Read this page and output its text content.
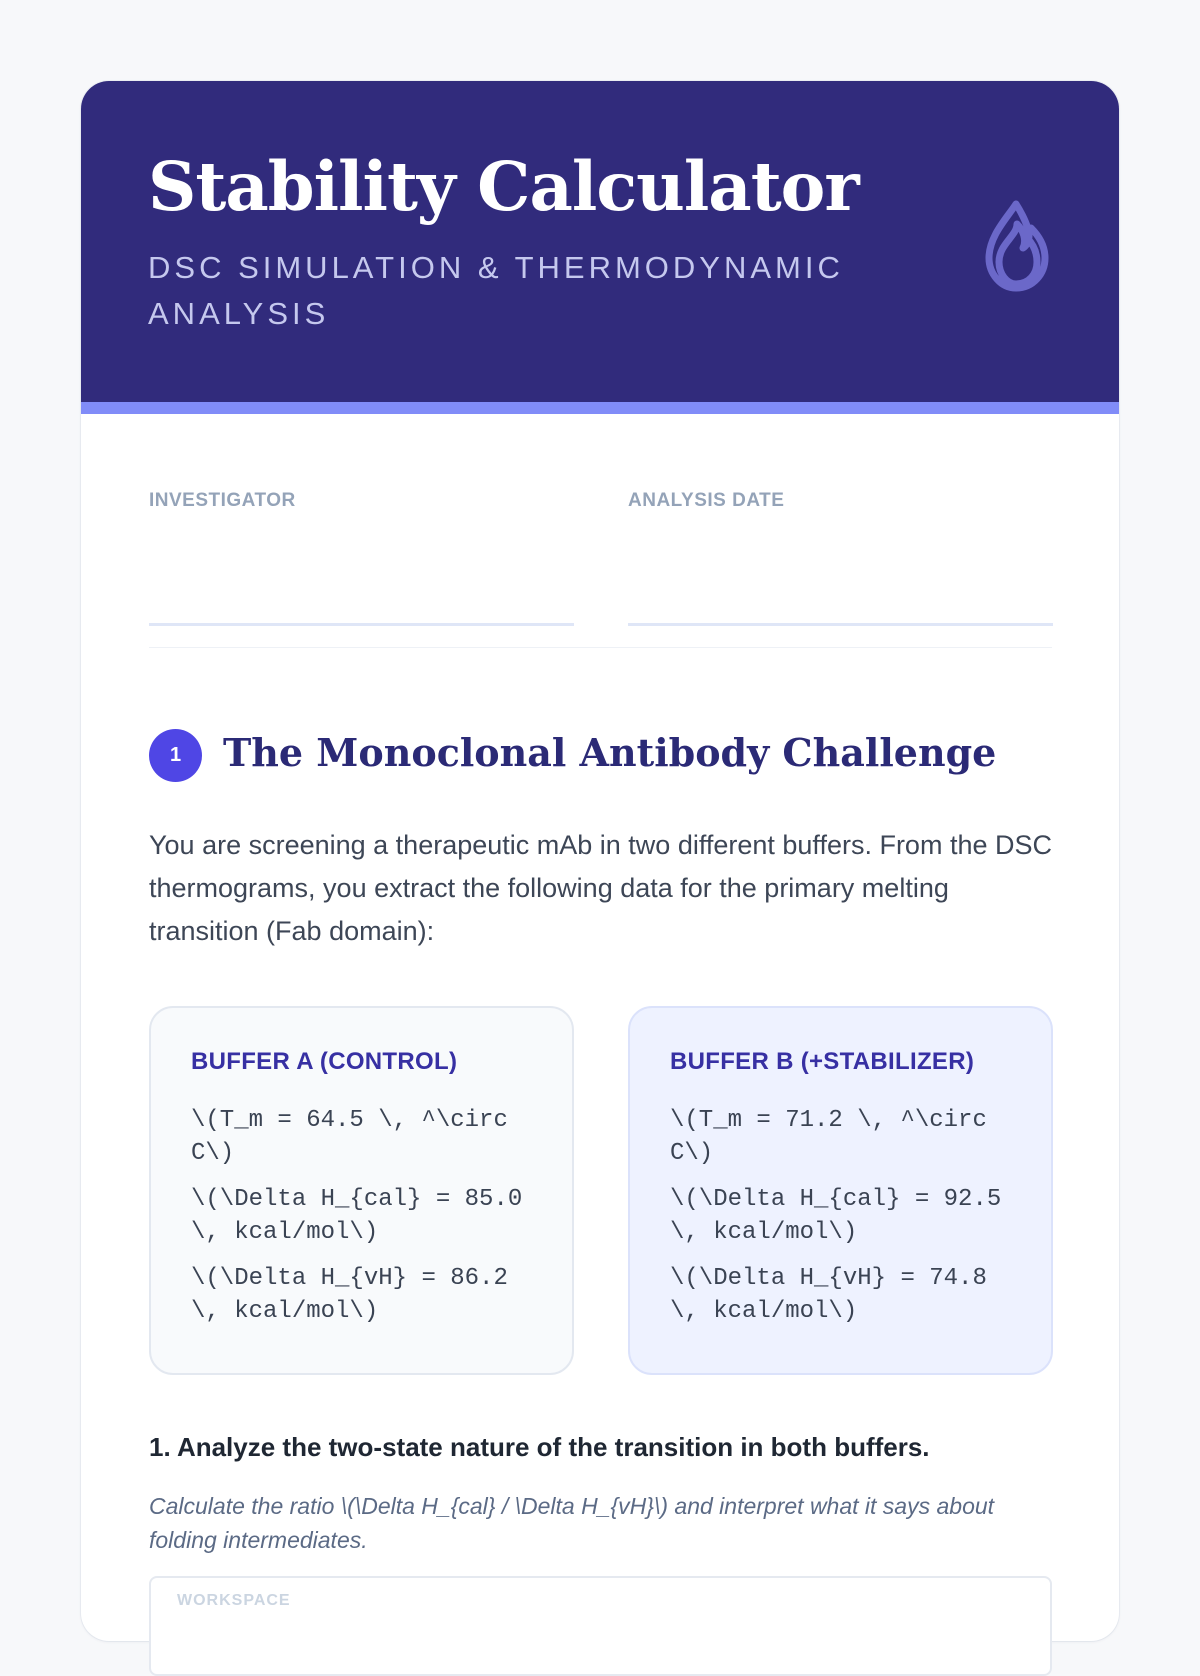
Stability Calculator

DSC SIMULATION & THERMODYNAMIC ANALYSIS

INVESTIGATOR	ANALYSIS DATE
1	The Monoclonal Antibody Challenge

You are screening a therapeutic mAb in two different buffers. From the DSC thermograms, you extract the following data for the primary melting transition (Fab domain):

BUFFER A (CONTROL)

\(T_m = 64.5 \, ^\circ C\)

\(\Delta H_{cal} = 85.0 \, kcal/mol\)

\(\Delta H_{vH} = 86.2 \, kcal/mol\)

BUFFER B (+STABILIZER)

\(T_m = 71.2 \, ^\circ C\)

\(\Delta H_{cal} = 92.5 \, kcal/mol\)

\(\Delta H_{vH} = 74.8 \, kcal/mol\)

1. Analyze the two-state nature of the transition in both buffers.

Calculate the ratio \(\Delta H_{cal} / \Delta H_{vH}\) and interpret what it says about folding intermediates.

WORKSPACE
